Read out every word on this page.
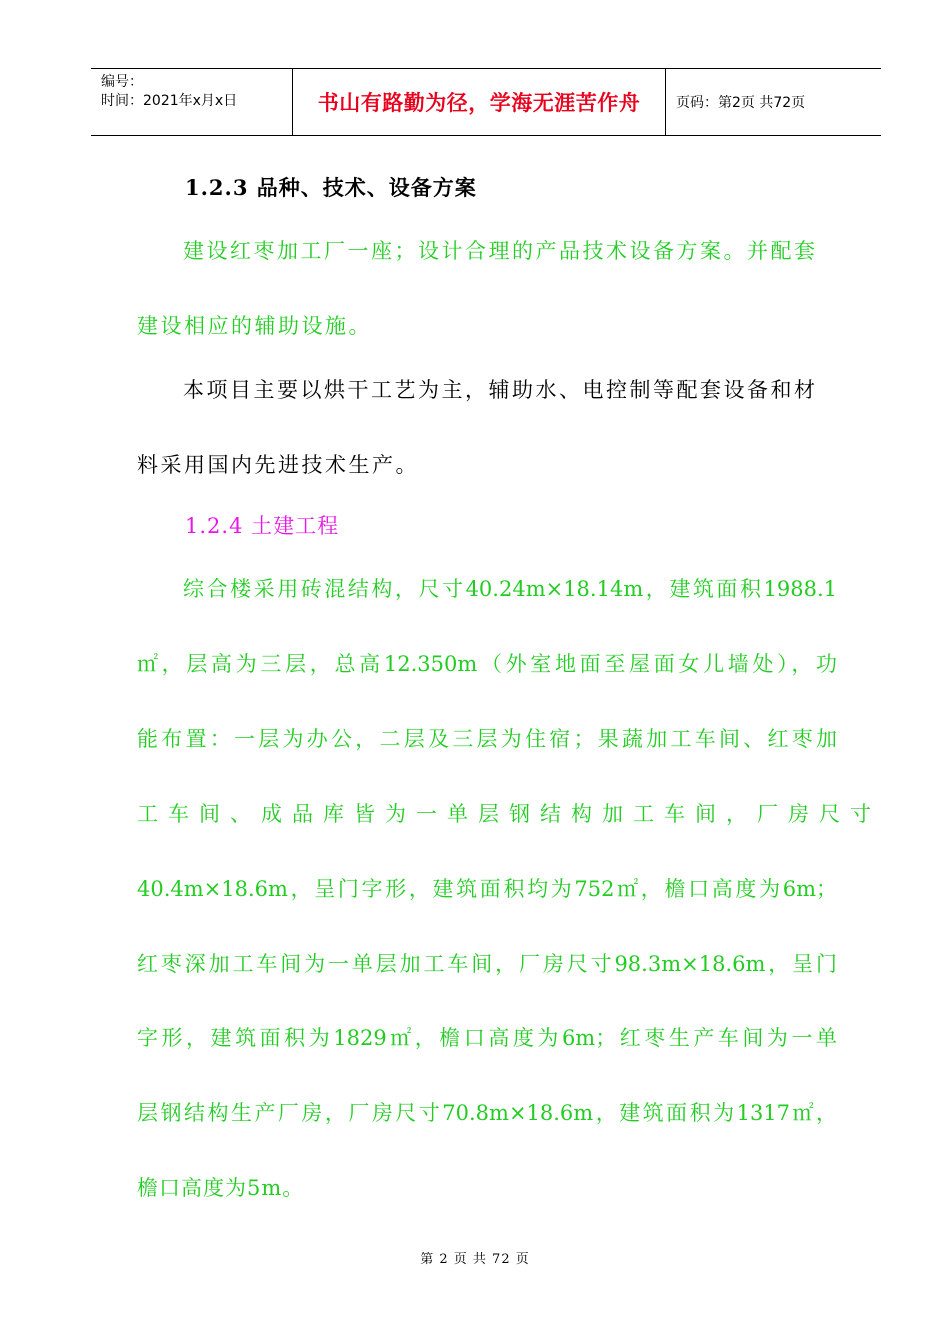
编号：
时间：2021年x月x日	书山有路勤为径，学海无涯苦作舟	页码：第2页 共72页
1.2.3 品种、技术、设备方案
建设红枣加工厂一座；设计合理的产品技术设备方案。并配套
建设相应的辅助设施。
本项目主要以烘干工艺为主，辅助水、电控制等配套设备和材
料采用国内先进技术生产。
1.2.4 土建工程
综合楼采用砖混结构，尺寸40.24m×18.14m，建筑面积1988.1
㎡，层高为三层，总高12.350m（外室地面至屋面女儿墙处），功
能布置：一层为办公，二层及三层为住宿；果蔬加工车间、红枣加
工车间、成品库皆为一单层钢结构加工车间，厂房尺寸
40.4m×18.6m，呈门字形，建筑面积均为752㎡，檐口高度为6m；
红枣深加工车间为一单层加工车间，厂房尺寸98.3m×18.6m，呈门
字形，建筑面积为1829㎡，檐口高度为6m；红枣生产车间为一单
层钢结构生产厂房，厂房尺寸70.8m×18.6m，建筑面积为1317㎡，
檐口高度为5m。
第 2 页 共 72 页
